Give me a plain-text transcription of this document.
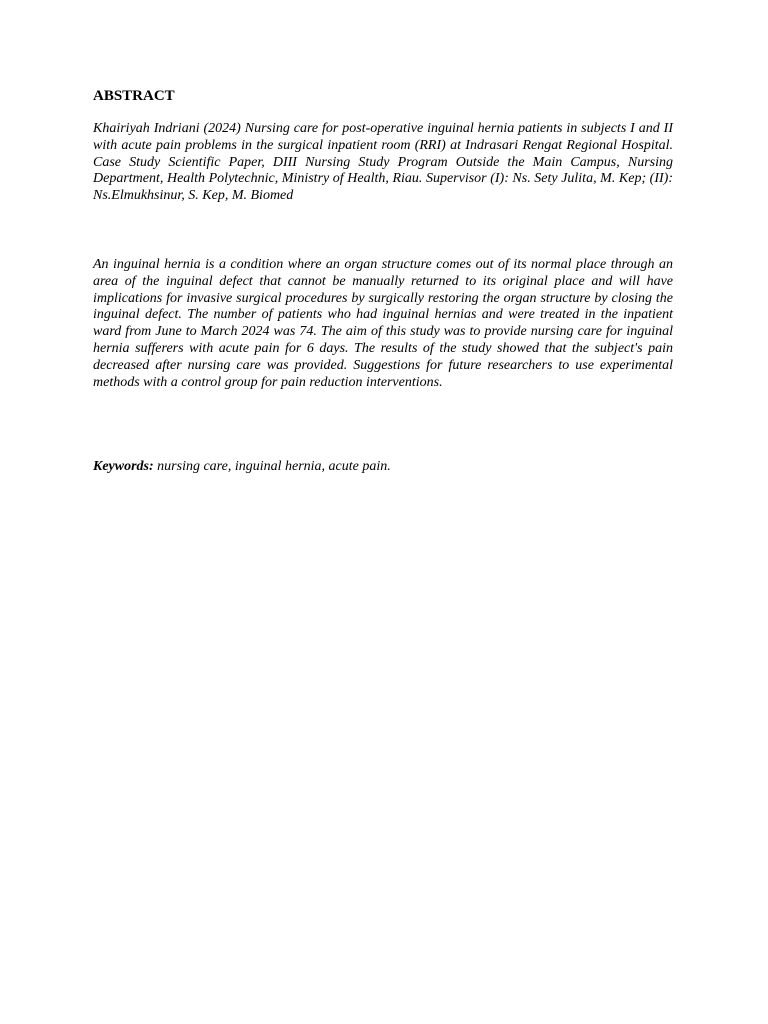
ABSTRACT

Khairiyah Indriani (2024) Nursing care for post-operative inguinal hernia patients in subjects I and II with acute pain problems in the surgical inpatient room (RRI) at Indrasari Rengat Regional Hospital. Case Study Scientific Paper, DIII Nursing Study Program Outside the Main Campus, Nursing Department, Health Polytechnic, Ministry of Health, Riau. Supervisor (I): Ns. Sety Julita, M. Kep; (II): Ns.Elmukhsinur, S. Kep, M. Biomed

An inguinal hernia is a condition where an organ structure comes out of its normal place through an area of the inguinal defect that cannot be manually returned to its original place and will have implications for invasive surgical procedures by surgically restoring the organ structure by closing the inguinal defect. The number of patients who had inguinal hernias and were treated in the inpatient ward from June to March 2024 was 74. The aim of this study was to provide nursing care for inguinal hernia sufferers with acute pain for 6 days. The results of the study showed that the subject's pain decreased after nursing care was provided. Suggestions for future researchers to use experimental methods with a control group for pain reduction interventions.

Keywords: nursing care, inguinal hernia, acute pain.
